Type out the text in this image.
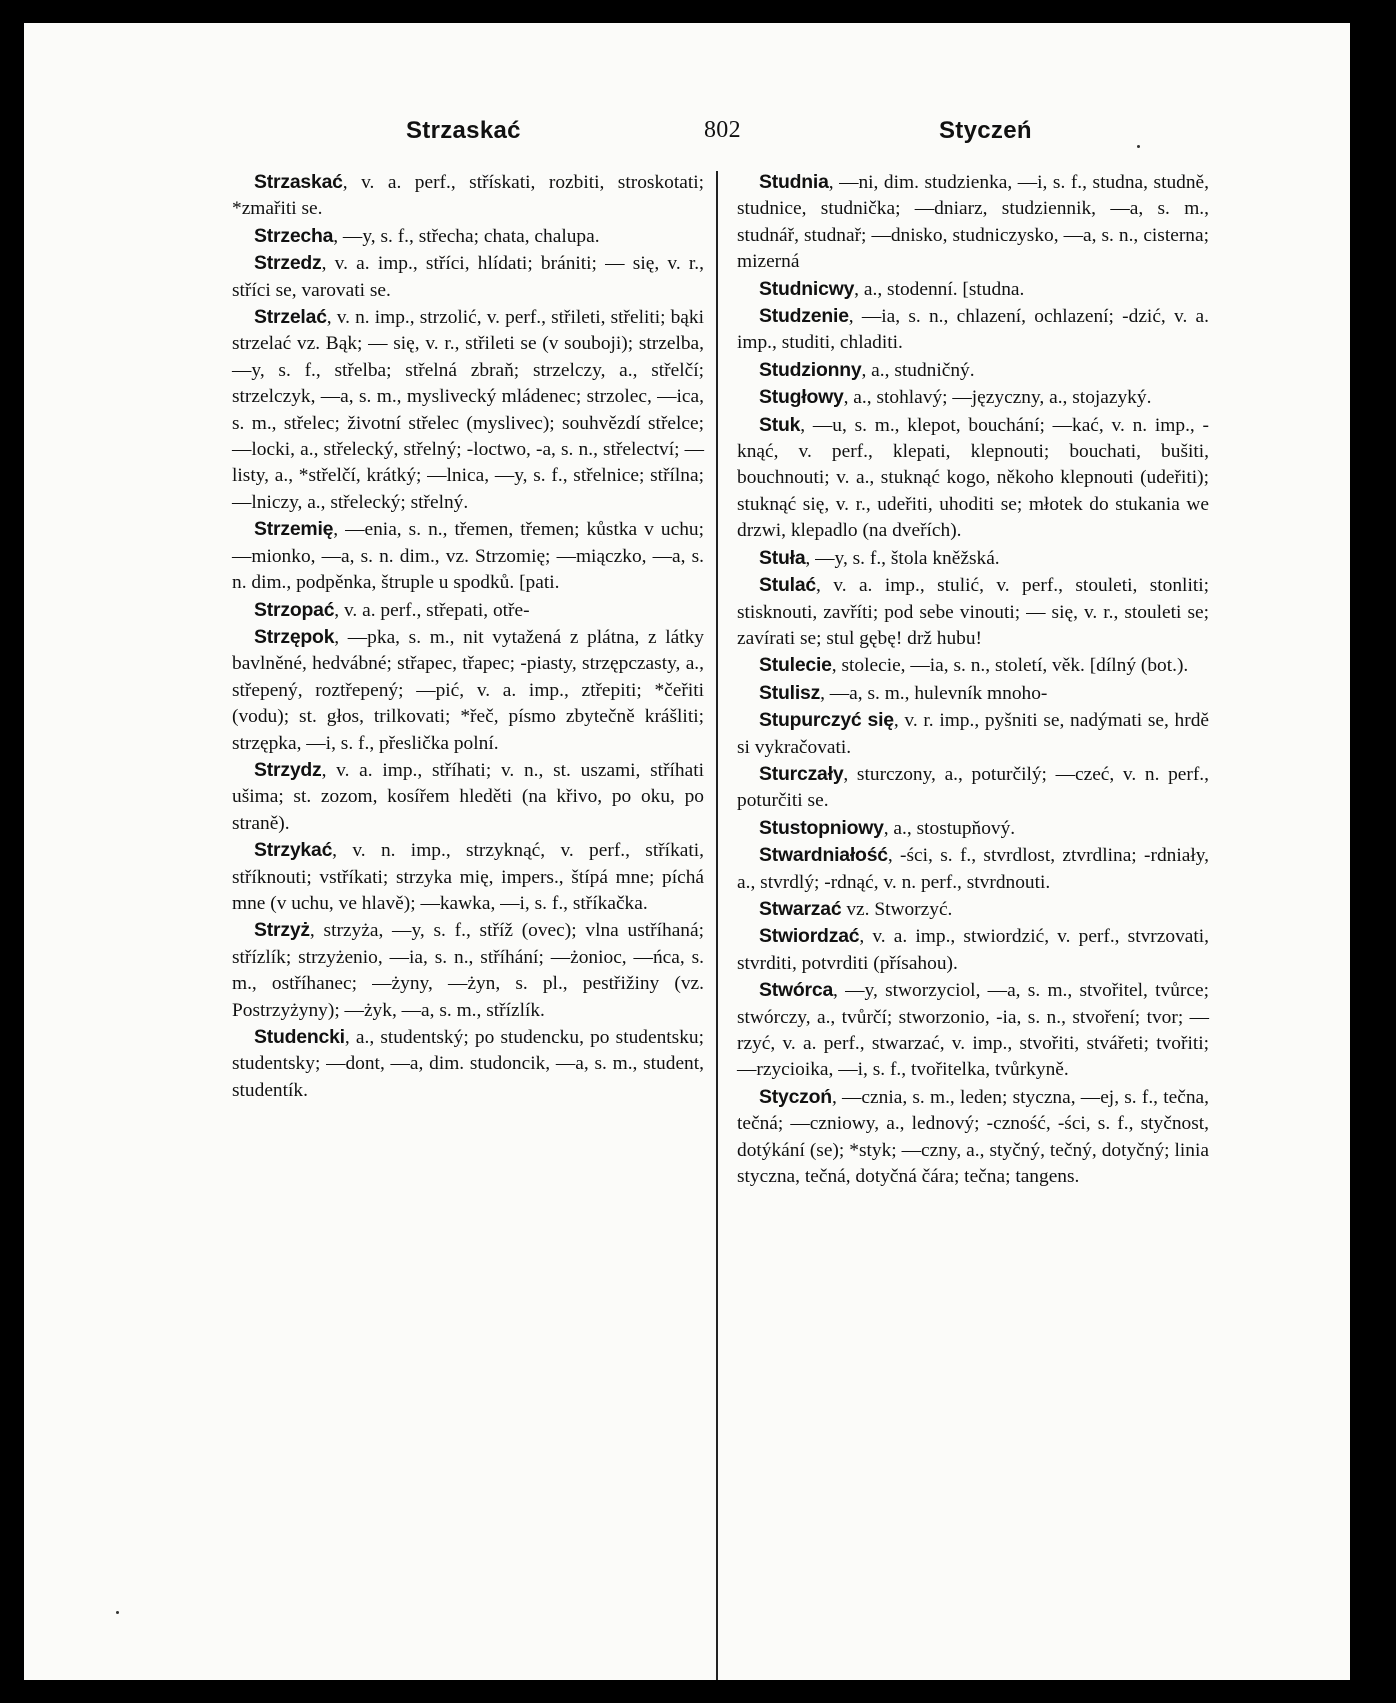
Strzaskać	802	Styczeń

Strzaskać, v. a. perf., střískati, rozbiti, stroskotati; *zmařiti se.

Strzecha, —y, s. f., střecha; chata, chalupa.

Strzedz, v. a. imp., stříci, hlídati; brániti; — się, v. r., stříci se, varovati se.

Strzelać, v. n. imp., strzolić, v. perf., střileti, střeliti; bąki strzelać vz. Bąk; — się, v. r., střileti se (v souboji); strzelba, —y, s. f., střelba; střelná zbraň; strzelczy, a., střelčí; strzelczyk, —a, s. m., myslivecký mládenec; strzolec, —ica, s. m., střelec; životní střelec (myslivec); souhvězdí střelce; —locki, a., střelecký, střelný; -loctwo, -a, s. n., střelectví; —listy, a., *střelčí, krátký; —lnica, —y, s. f., střelnice; střílna; —lniczy, a., střelecký; střelný.

Strzemię, —enia, s. n., třemen, třemen; kůstka v uchu; —mionko, —a, s. n. dim., vz. Strzomię; —miączko, —a, s. n. dim., podpěnka, štruple u spodků. [pati.

Strzopać, v. a. perf., střepati, otře-

Strzępok, —pka, s. m., nit vytažená z plátna, z látky bavlněné, hedvábné; střapec, třapec; -piasty, strzępczasty, a., střepený, roztřepený; —pić, v. a. imp., ztřepiti; *čeřiti (vodu); st. głos, trilkovati; *řeč, písmo zbytečně krášliti; strzępka, —i, s. f., přeslička polní.

Strzydz, v. a. imp., stříhati; v. n., st. uszami, stříhati ušima; st. zozom, kosířem hleděti (na křivo, po oku, po straně).

Strzykać, v. n. imp., strzyknąć, v. perf., stříkati, stříknouti; vstříkati; strzyka mię, impers., štípá mne; píchá mne (v uchu, ve hlavě); —kawka, —i, s. f., stříkačka.

Strzyż, strzyża, —y, s. f., stříž (ovec); vlna ustříhaná; střízlík; strzyżenio, —ia, s. n., stříhání; —żonioc, —ńca, s. m., ostříhanec; —żyny, —żyn, s. pl., pestřižiny (vz. Postrzyżyny); —żyk, —a, s. m., střízlík.

Studencki, a., studentský; po studencku, po studentsku; studentsky; —dont, —a, dim. studoncik, —a, s. m., student, studentík.

Studnia, —ni, dim. studzienka, —i, s. f., studna, studně, studnice, studnička; —dniarz, studziennik, —a, s. m., studnář, studnař; —dnisko, studniczysko, —a, s. n., cisterna; mizerná

Studnicwy, a., stodenní. [studna.

Studzenie, —ia, s. n., chlazení, ochlazení; -dzić, v. a. imp., studiti, chladiti.

Studzionny, a., studničný.

Stugłowy, a., stohlavý; —języczny, a., stojazyký.

Stuk, —u, s. m., klepot, bouchání; —kać, v. n. imp., -knąć, v. perf., klepati, klepnouti; bouchati, bušiti, bouchnouti; v. a., stuknąć kogo, někoho klepnouti (udeřiti); stuknąć się, v. r., udeřiti, uhoditi se; młotek do stukania we drzwi, klepadlo (na dveřích).

Stuła, —y, s. f., štola kněžská.

Stulać, v. a. imp., stulić, v. perf., stouleti, stonliti; stisknouti, zavříti; pod sebe vinouti; — się, v. r., stouleti se; zavírati se; stul gębę! drž hubu!

Stulecie, stolecie, —ia, s. n., století, věk. [dílný (bot.).

Stulisz, —a, s. m., hulevník mnoho-

Stupurczyć się, v. r. imp., pyšniti se, nadýmati se, hrdě si vykračovati.

Sturczały, sturczony, a., poturčilý; —czeć, v. n. perf., poturčiti se.

Stustopniowy, a., stostupňový.

Stwardniałość, -ści, s. f., stvrdlost, ztvrdlina; -rdniały, a., stvrdlý; -rdnąć, v. n. perf., stvrdnouti.

Stwarzać vz. Stworzyć.

Stwiordzać, v. a. imp., stwiordzić, v. perf., stvrzovati, stvrditi, potvrditi (přísahou).

Stwórca, —y, stworzyciol, —a, s. m., stvořitel, tvůrce; stwórczy, a., tvůrčí; stworzonio, -ia, s. n., stvoření; tvor; —rzyć, v. a. perf., stwarzać, v. imp., stvořiti, stvářeti; tvořiti; —rzycioika, —i, s. f., tvořitelka, tvůrkyně.

Styczoń, —cznia, s. m., leden; styczna, —ej, s. f., tečna, tečná; —czniowy, a., lednový; -czność, -ści, s. f., styčnost, dotýkání (se); *styk; —czny, a., styčný, tečný, dotyčný; linia styczna, tečná, dotyčná čára; tečna; tangens.
